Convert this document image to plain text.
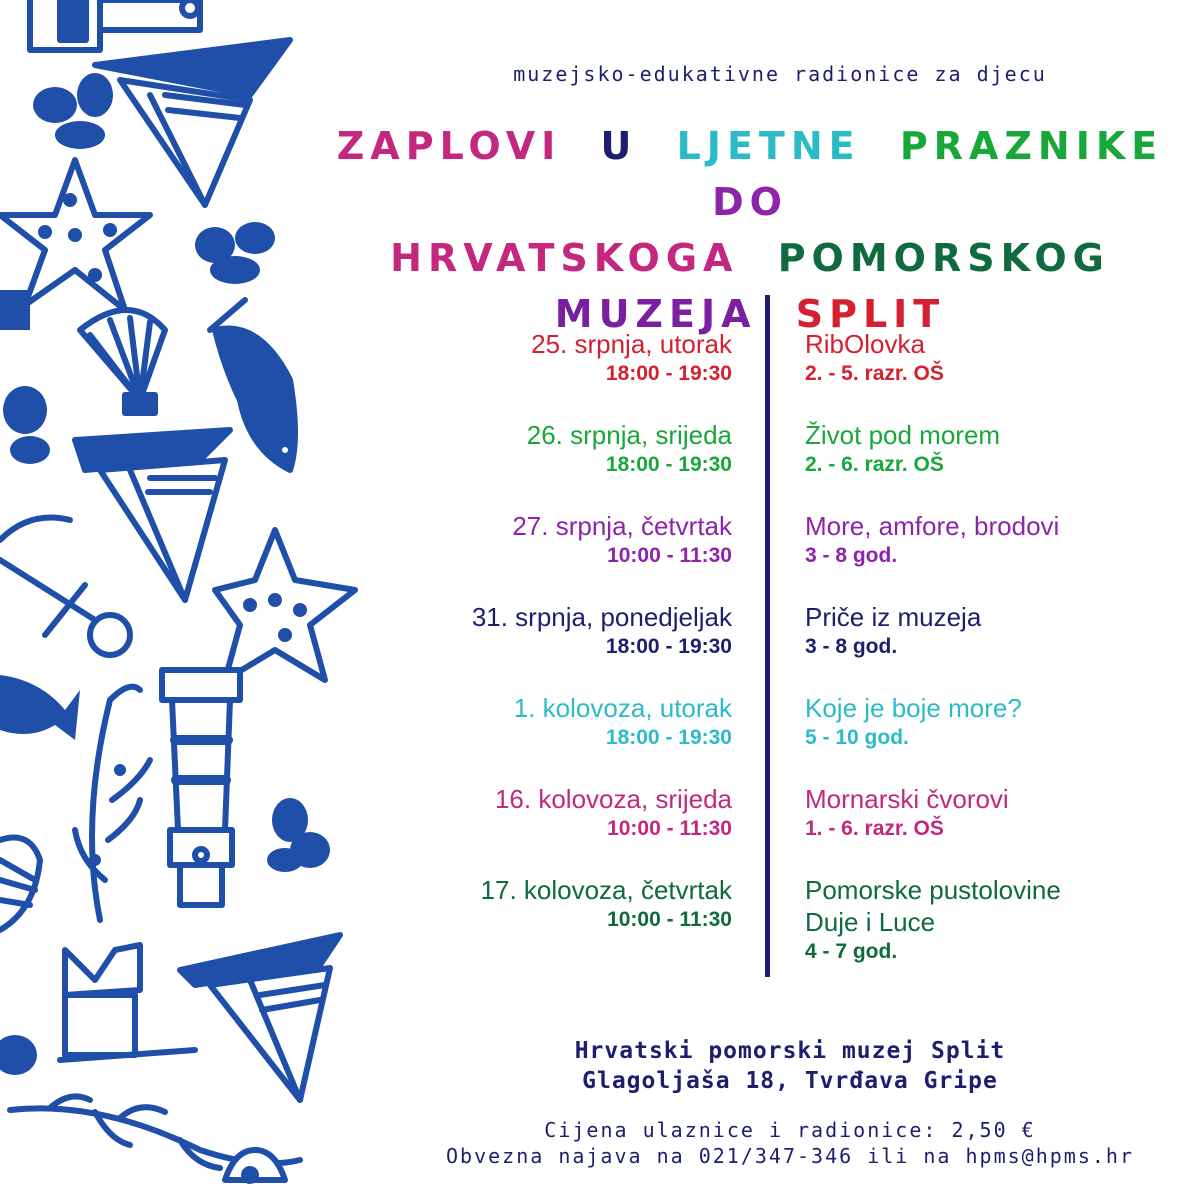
muzejsko-edukativne radionice za djecu
ZAPLOVI U LJETNE PRAZNIKE DO
HRVATSKOGA POMORSKOG MUZEJA SPLIT
25. srpnja, utorak
18:00 - 19:30
26. srpnja, srijeda
18:00 - 19:30
27. srpnja, četvrtak
10:00 - 11:30
31. srpnja, ponedjeljak
18:00 - 19:30
1. kolovoza, utorak
18:00 - 19:30
16. kolovoza, srijeda
10:00 - 11:30
17. kolovoza, četvrtak
10:00 - 11:30
RibOlovka
2. - 5. razr. OŠ
Život pod morem
2. - 6. razr. OŠ
More, amfore, brodovi
3 - 8 god.
Priče iz muzeja
3 - 8 god.
Koje je boje more?
5 - 10 god.
Mornarski čvorovi
1. - 6. razr. OŠ
Pomorske pustolovine
Duje i Luce
4 - 7 god.
Hrvatski pomorski muzej Split
Glagoljaša 18, Tvrđava Gripe
Cijena ulaznice i radionice: 2,50 €
Obvezna najava na 021/347-346 ili na hpms@hpms.hr
